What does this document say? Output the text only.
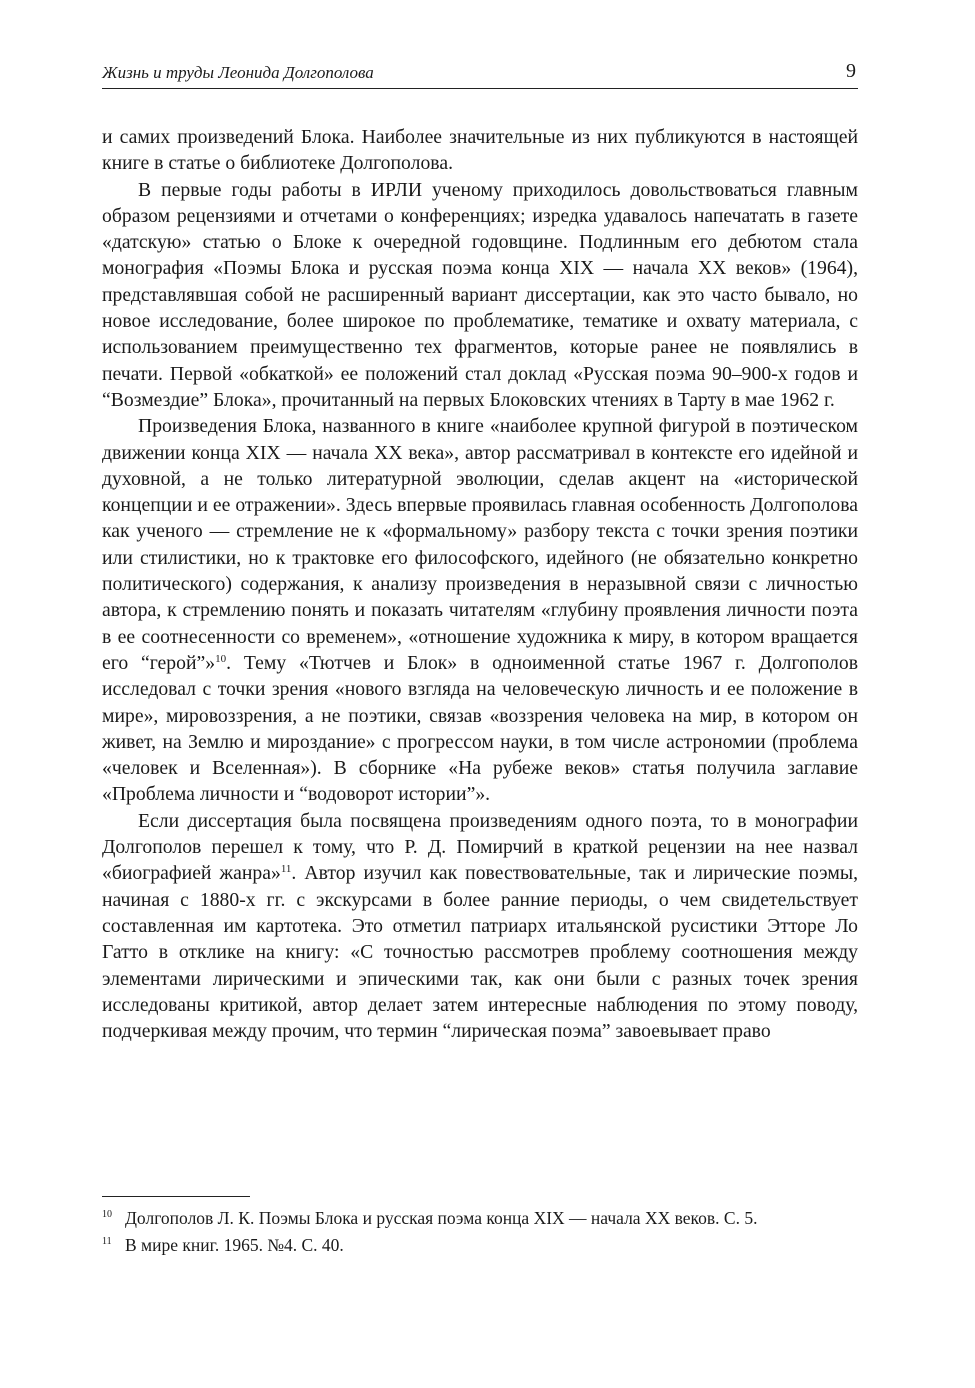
Жизнь и труды Леонида Долгополова	9

и самих произведений Блока. Наиболее значительные из них публикуются в настоящей книге в статье о библиотеке Долгополова.

В первые годы работы в ИРЛИ ученому приходилось довольствоваться главным образом рецензиями и отчетами о конференциях; изредка удавалось напечатать в газете «датскую» статью о Блоке к очередной годовщине. Подлинным его дебютом стала монография «Поэмы Блока и русская поэма конца XIX — начала XX веков» (1964), представлявшая собой не расширенный вариант диссертации, как это часто бывало, но новое исследование, более широкое по проблематике, тематике и охвату материала, с использованием преимущественно тех фрагментов, которые ранее не появлялись в печати. Первой «обкаткой» ее положений стал доклад «Русская поэма 90–900-х годов и “Возмездие” Блока», прочитанный на первых Блоковских чтениях в Тарту в мае 1962 г.

Произведения Блока, названного в книге «наиболее крупной фигурой в поэтическом движении конца XIX — начала XX века», автор рассматривал в контексте его идейной и духовной, а не только литературной эволюции, сделав акцент на «исторической концепции и ее отражении». Здесь впервые проявилась главная особенность Долгополова как ученого — стремление не к «формальному» разбору текста с точки зрения поэтики или стилистики, но к трактовке его философского, идейного (не обязательно конкретно политического) содержания, к анализу произведения в неразывной связи с личностью автора, к стремлению понять и показать читателям «глубину проявления личности поэта в ее соотнесенности со временем», «отношение художника к миру, в котором вращается его “герой”»$^{10}$. Тему «Тютчев и Блок» в одноименной статье 1967 г. Долгополов исследовал с точки зрения «нового взгляда на человеческую личность и ее положение в мире», мировоззрения, а не поэтики, связав «воззрения человека на мир, в котором он живет, на Землю и мироздание» с прогрессом науки, в том числе астрономии (проблема «человек и Вселенная»). В сборнике «На рубеже веков» статья получила заглавие «Проблема личности и “водоворот истории”».

Если диссертация была посвящена произведениям одного поэта, то в монографии Долгополов перешел к тому, что Р. Д. Помирчий в краткой рецензии на нее назвал «биографией жанра»$^{11}$. Автор изучил как повествовательные, так и лирические поэмы, начиная с 1880-х гг. с экскурсами в более ранние периоды, о чем свидетельствует составленная им картотека. Это отметил патриарх итальянской русистики Этторе Ло Гатто в отклике на книгу: «С точностью рассмотрев проблему соотношения между элементами лирическими и эпическими так, как они были с разных точек зрения исследованы критикой, автор делает затем интересные наблюдения по этому поводу, подчеркивая между прочим, что термин “лирическая поэма” завоевывает право

10 Долгополов Л. К. Поэмы Блока и русская поэма конца XIX — начала XX веков. С. 5.
11 В мире книг. 1965. №4. С. 40.
